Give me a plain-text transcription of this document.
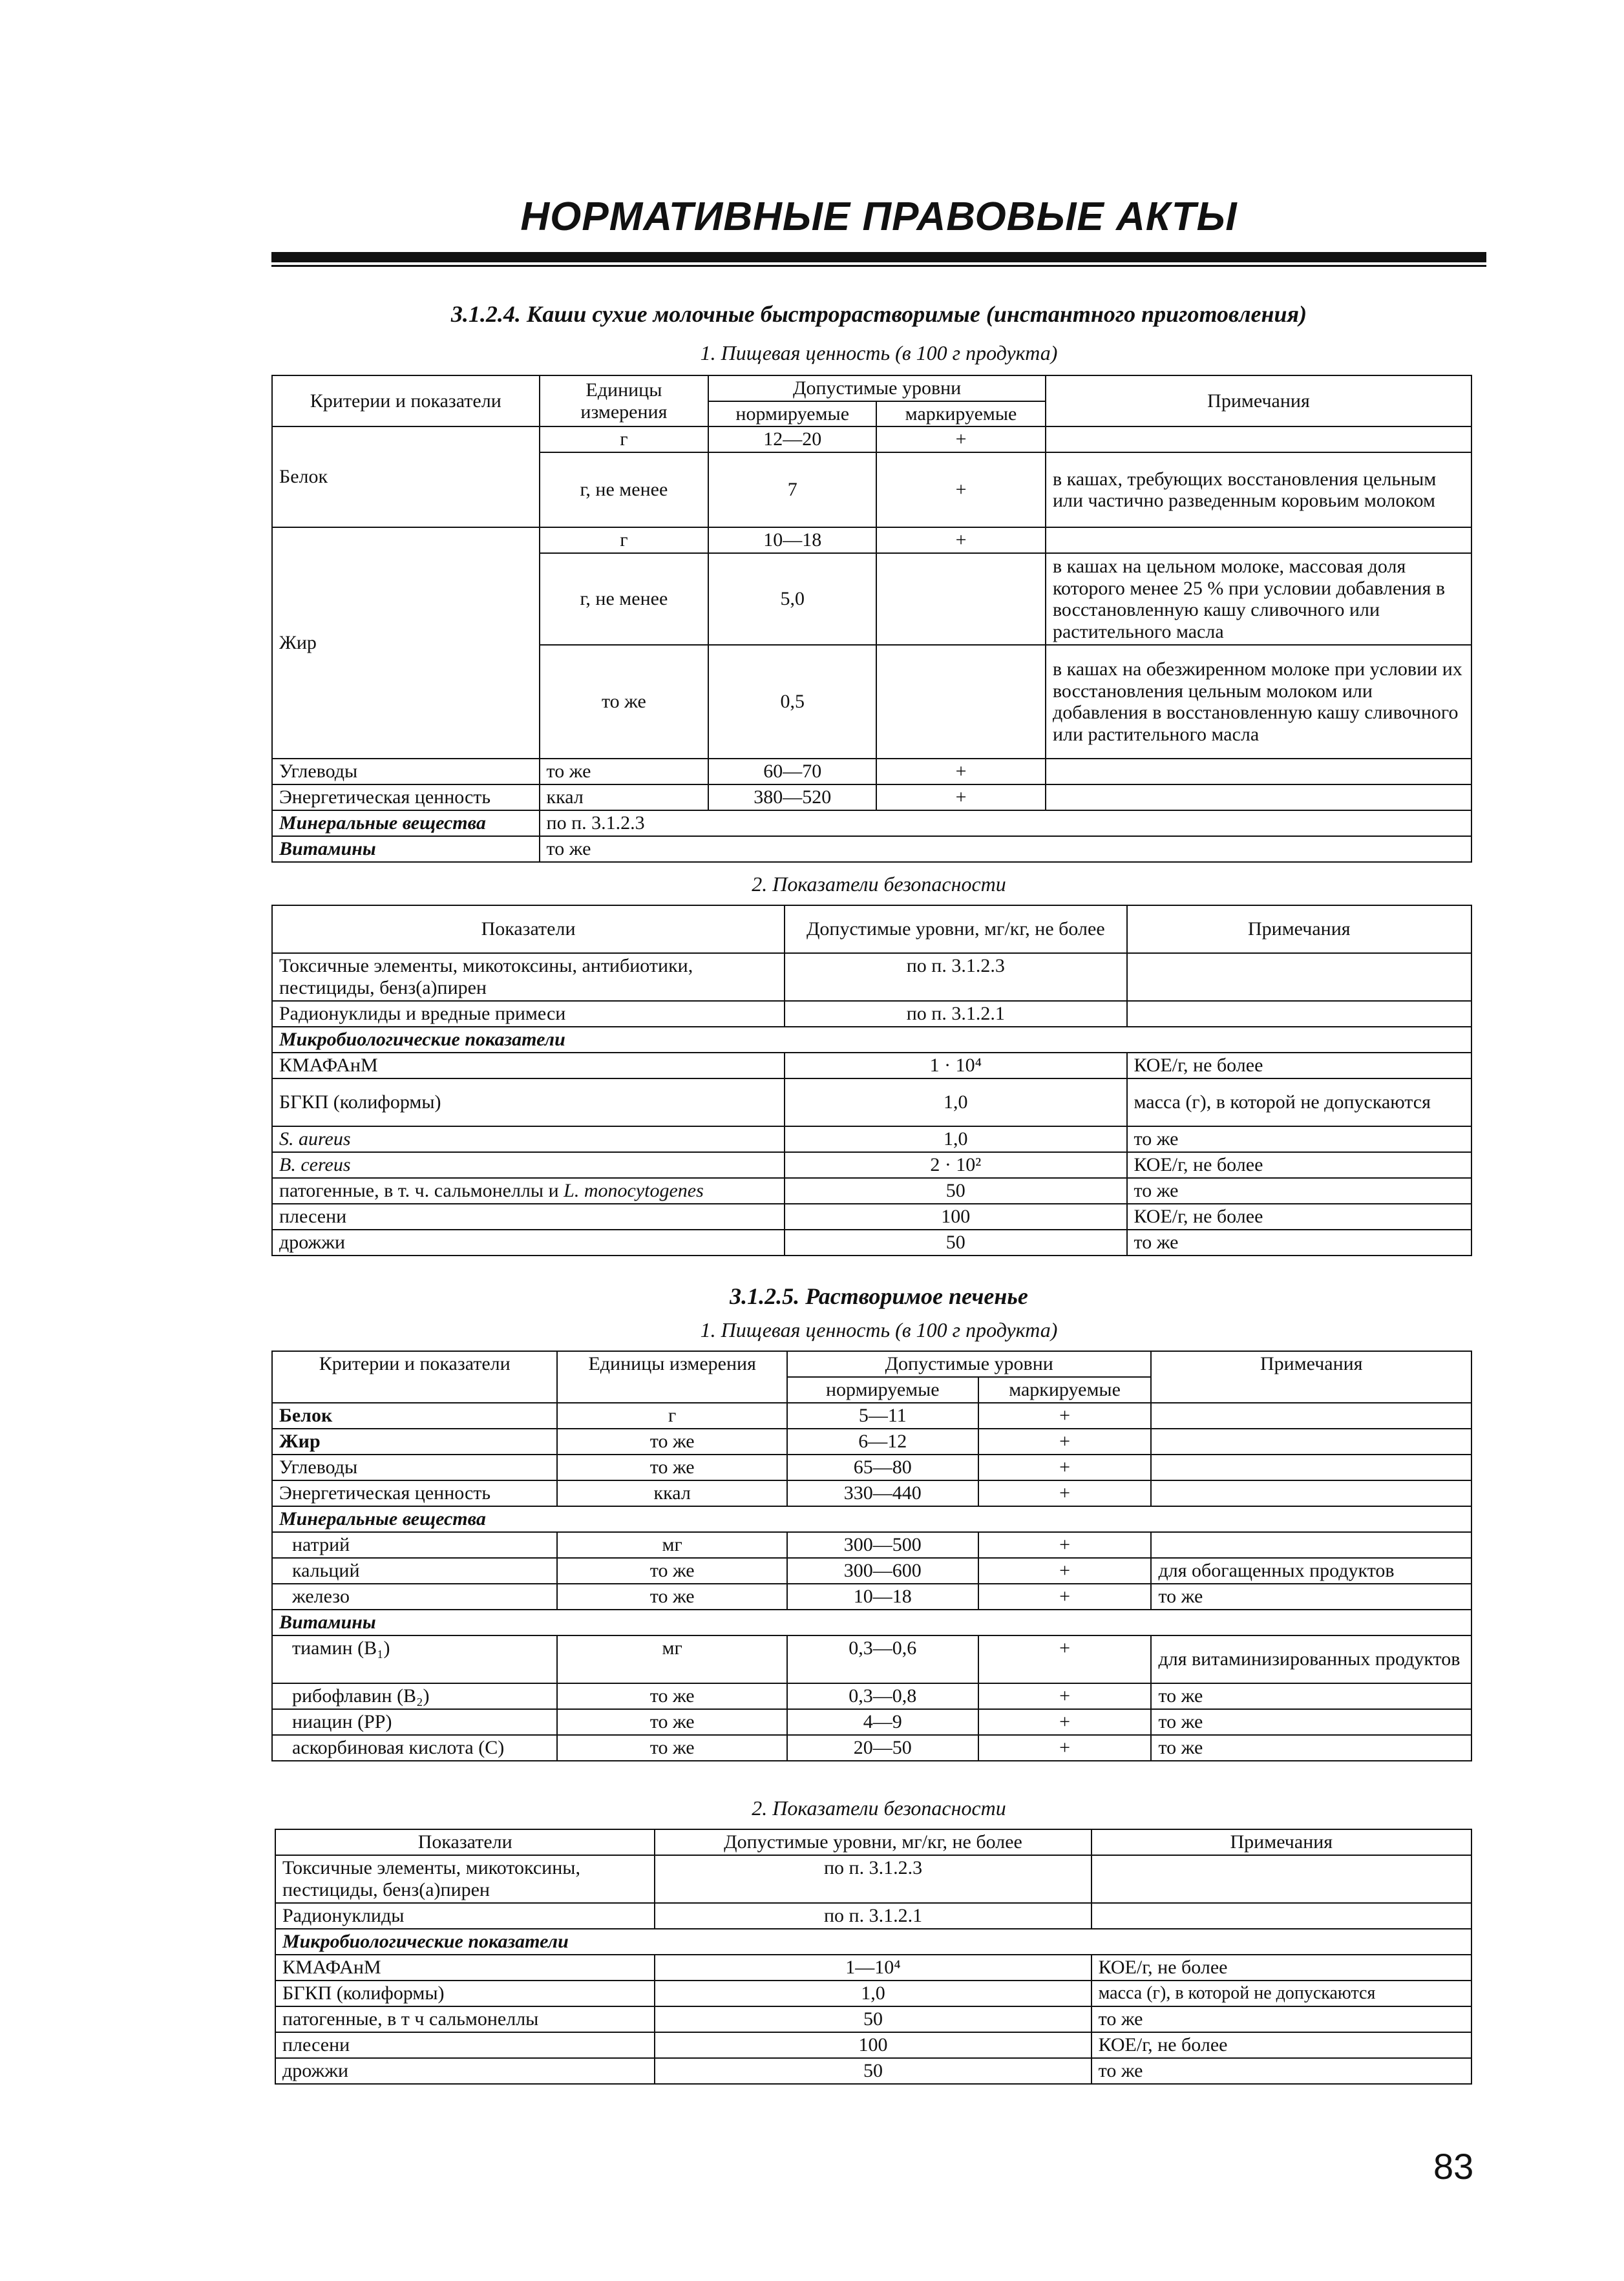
НОРМАТИВНЫЕ ПРАВОВЫЕ АКТЫ
3.1.2.4. Каши сухие молочные быстрорастворимые (инстантного приготовления)
1. Пищевая ценность (в 100 г продукта)
Критерии и показатели	Единицы измерения	Допустимые уровни		Примечания
		нормируемые	маркируемые	
Белок	г	12—20	+	
	г, не менее	7	+	в кашах, требующих восстановления цельным или частично разведенным коровьим молоком
Жир	г	10—18	+	
	г, не менее	5,0		в кашах на цельном молоке, массовая доля которого менее 25 % при условии добавления в восстановленную кашу сливочного или растительного масла
	то же	0,5		в кашах на обезжиренном молоке при условии их восстановления цельным молоком или добавления в восстановленную кашу сливочного или растительного масла
Углеводы	то же	60—70	+	
Энергетическая ценность	ккал	380—520	+	
Минеральные вещества	по п. 3.1.2.3			
Витамины	то же			
2. Показатели безопасности
Показатели	Допустимые уровни, мг/кг, не более	Примечания
Токсичные элементы, микотоксины, антибиотики, пестициды, бенз(а)пирен	по п. 3.1.2.3	
Радионуклиды и вредные примеси	по п. 3.1.2.1	
Микробиологические показатели		
КМАФАнМ	1 · 10⁴	КОЕ/г, не более
БГКП (колиформы)	1,0	масса (г), в которой не допускаются
S. aureus	1,0	то же
B. cereus	2 · 10²	КОЕ/г, не более
патогенные, в т. ч. сальмонеллы и L. monocytogenes	50	то же
плесени	100	КОЕ/г, не более
дрожжи	50	то же
3.1.2.5. Растворимое печенье
1. Пищевая ценность (в 100 г продукта)
Критерии и показатели	Единицы измерения	Допустимые уровни		Примечания
		нормируемые	маркируемые	
Белок	г	5—11	+	
Жир	то же	6—12	+	
Углеводы	то же	65—80	+	
Энергетическая ценность	ккал	330—440	+	
Минеральные вещества				
натрий	мг	300—500	+	
кальций	то же	300—600	+	для обогащенных продуктов
железо	то же	10—18	+	то же
Витамины				
тиамин (B₁)	мг	0,3—0,6	+	для витаминизированных продуктов
рибофлавин (B₂)	то же	0,3—0,8	+	то же
ниацин (PP)	то же	4—9	+	то же
аскорбиновая кислота (C)	то же	20—50	+	то же
2. Показатели безопасности
Показатели	Допустимые уровни, мг/кг, не более	Примечания
Токсичные элементы, микотоксины, пестициды, бенз(а)пирен	по п. 3.1.2.3	
Радионуклиды	по п. 3.1.2.1	
Микробиологические показатели		
КМАФАнМ	1—10⁴	КОЕ/г, не более
БГКП (колиформы)	1,0	масса (г), в которой не допускаются
патогенные, в т ч сальмонеллы	50	то же
плесени	100	КОЕ/г, не более
дрожжи	50	то же
83
